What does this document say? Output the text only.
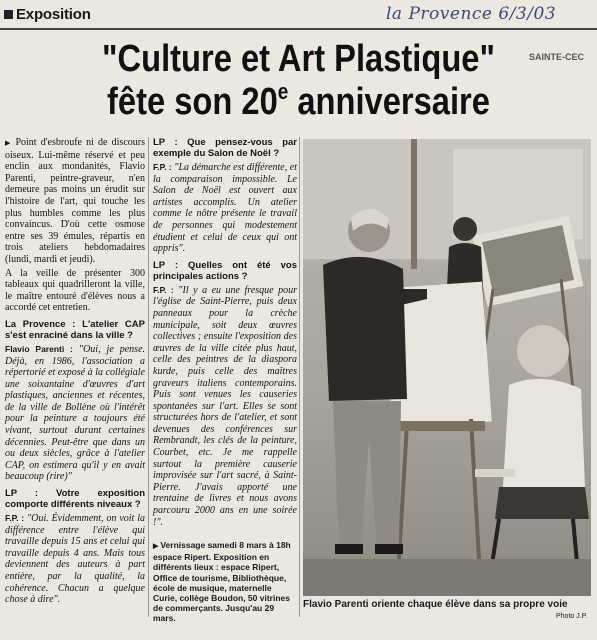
Exposition	la Provence 6/3/03
SAINTE-CEC
"Culture et Art Plastique"
fête son 20e anniversaire

▶ Point d'esbroufe ni de discours oiseux. Lui-même réservé et peu enclin aux mondanités, Flavio Parenti, peintre-graveur, n'en demeure pas moins un érudit sur l'histoire de l'art, qui touche les plus humbles comme les plus convaincus. D'où cette osmose entre ses 39 émules, répartis en trois ateliers hebdomadaires (lundi, mardi et jeudi).

A la veille de présenter 300 tableaux qui quadrilleront la ville, le maître entouré d'élèves nous a accordé cet entretien.

La Provence : L'atelier CAP s'est enraciné dans la ville ?

Flavio Parenti : "Oui, je pense. Déjà, en 1986, l'association a répertorié et exposé à la collégiale une soixantaine d'œuvres d'art plastiques, anciennes et récentes, de la ville de Bollène où l'intérêt pour la peinture a toujours été vivant, surtout durant certaines décennies. Peut-être que dans un ou deux siècles, grâce à l'atelier CAP, on estimera qu'il y en avait beaucoup (rire)"

LP : Votre exposition comporte différents niveaux ?

F.P. : "Oui. Évidemment, on voit la différence entre l'élève qui travaille depuis 15 ans et celui qui travaille depuis 4 ans. Mais tous deviennent des auteurs à part entière, par la qualité, la cohérence. Chacun a quelque chose à dire".

LP : Que pensez-vous par exemple du Salon de Noël ?

F.P. : "La démarche est différente, et la comparaison impossible. Le Salon de Noël est ouvert aux artistes accomplis. Un atelier comme le nôtre présente le travail de personnes qui modestement étudient et celui de ceux qui ont appris".

LP : Quelles ont été vos principales actions ?

F.P. : "Il y a eu une fresque pour l'église de Saint-Pierre, puis deux panneaux pour la crèche municipale, soit deux œuvres collectives ; ensuite l'exposition des œuvres de la ville citée plus haut, celle des peintres de la diaspora kurde, puis celle des maîtres graveurs italiens contemporains. Puis sont venues les causeries spontanées sur l'art. Elles se sont structurées hors de l'atelier, et sont devenues des conférences sur Rembrandt, les clés de la peinture, Courbet, etc. Je me rappelle surtout la première causerie improvisée sur l'art sacré, à Saint-Pierre. J'avais apporté une trentaine de livres et nous avons parcouru 2000 ans en une soirée !".

▶ Vernissage samedi 8 mars à 18h espace Ripert. Exposition en différents lieux : espace Ripert, Office de tourisme, Bibliothèque, école de musique, maternelle Curie, collège Boudon, 50 vitrines de commerçants. Jusqu'au 29 mars.
Flavio Parenti oriente chaque élève dans sa propre voie
Photo J.P.
